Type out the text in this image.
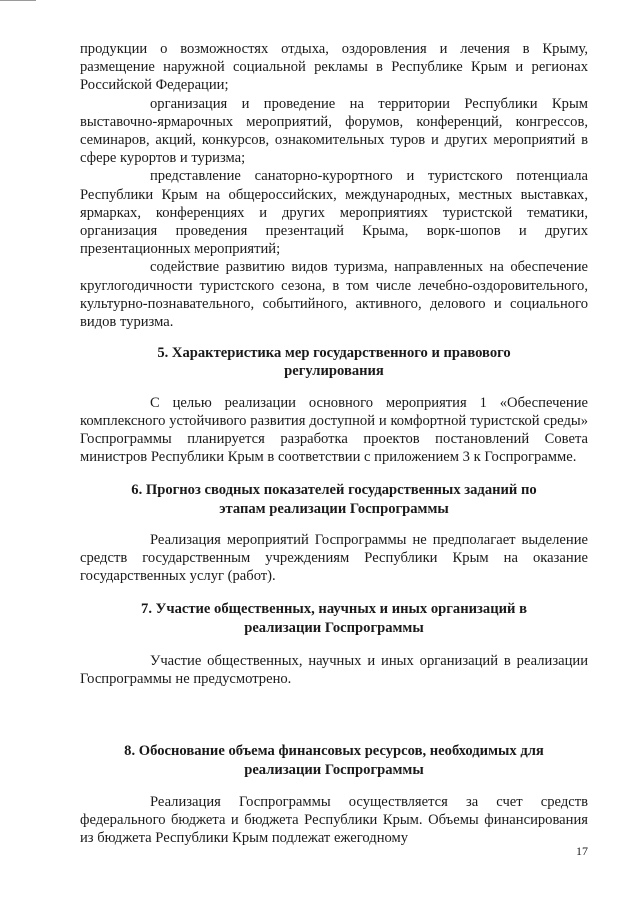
продукции о возможностях отдыха, оздоровления и лечения в Крыму, размещение наружной социальной рекламы в Республике Крым и регионах Российской Федерации;

организация и проведение на территории Республики Крым выставочно-ярмарочных мероприятий, форумов, конференций, конгрессов, семинаров, акций, конкурсов, ознакомительных туров и других мероприятий в сфере курортов и туризма;

представление санаторно-курортного и туристского потенциала Республики Крым на общероссийских, международных, местных выставках, ярмарках, конференциях и других мероприятиях туристской тематики, организация проведения презентаций Крыма, ворк-шопов и других презентационных мероприятий;

содействие развитию видов туризма, направленных на обеспечение круглогодичности туристского сезона, в том числе лечебно-оздоровительного, культурно-познавательного, событийного, активного, делового и социального видов туризма.

5. Характеристика мер государственного и правового
регулирования

С целью реализации основного мероприятия 1 «Обеспечение комплексного устойчивого развития доступной и комфортной туристской среды» Госпрограммы планируется разработка проектов постановлений Совета министров Республики Крым в соответствии с приложением 3 к Госпрограмме.

6. Прогноз сводных показателей государственных заданий по
этапам реализации Госпрограммы

Реализация мероприятий Госпрограммы не предполагает выделение средств государственным учреждениям Республики Крым на оказание государственных услуг (работ).

7. Участие общественных, научных и иных организаций в
реализации Госпрограммы

Участие общественных, научных и иных организаций в реализации Госпрограммы не предусмотрено.

8. Обоснование объема финансовых ресурсов, необходимых для
реализации Госпрограммы

Реализация Госпрограммы осуществляется за счет средств федерального бюджета и бюджета Республики Крым. Объемы финансирования из бюджета Республики Крым подлежат ежегодному

17
